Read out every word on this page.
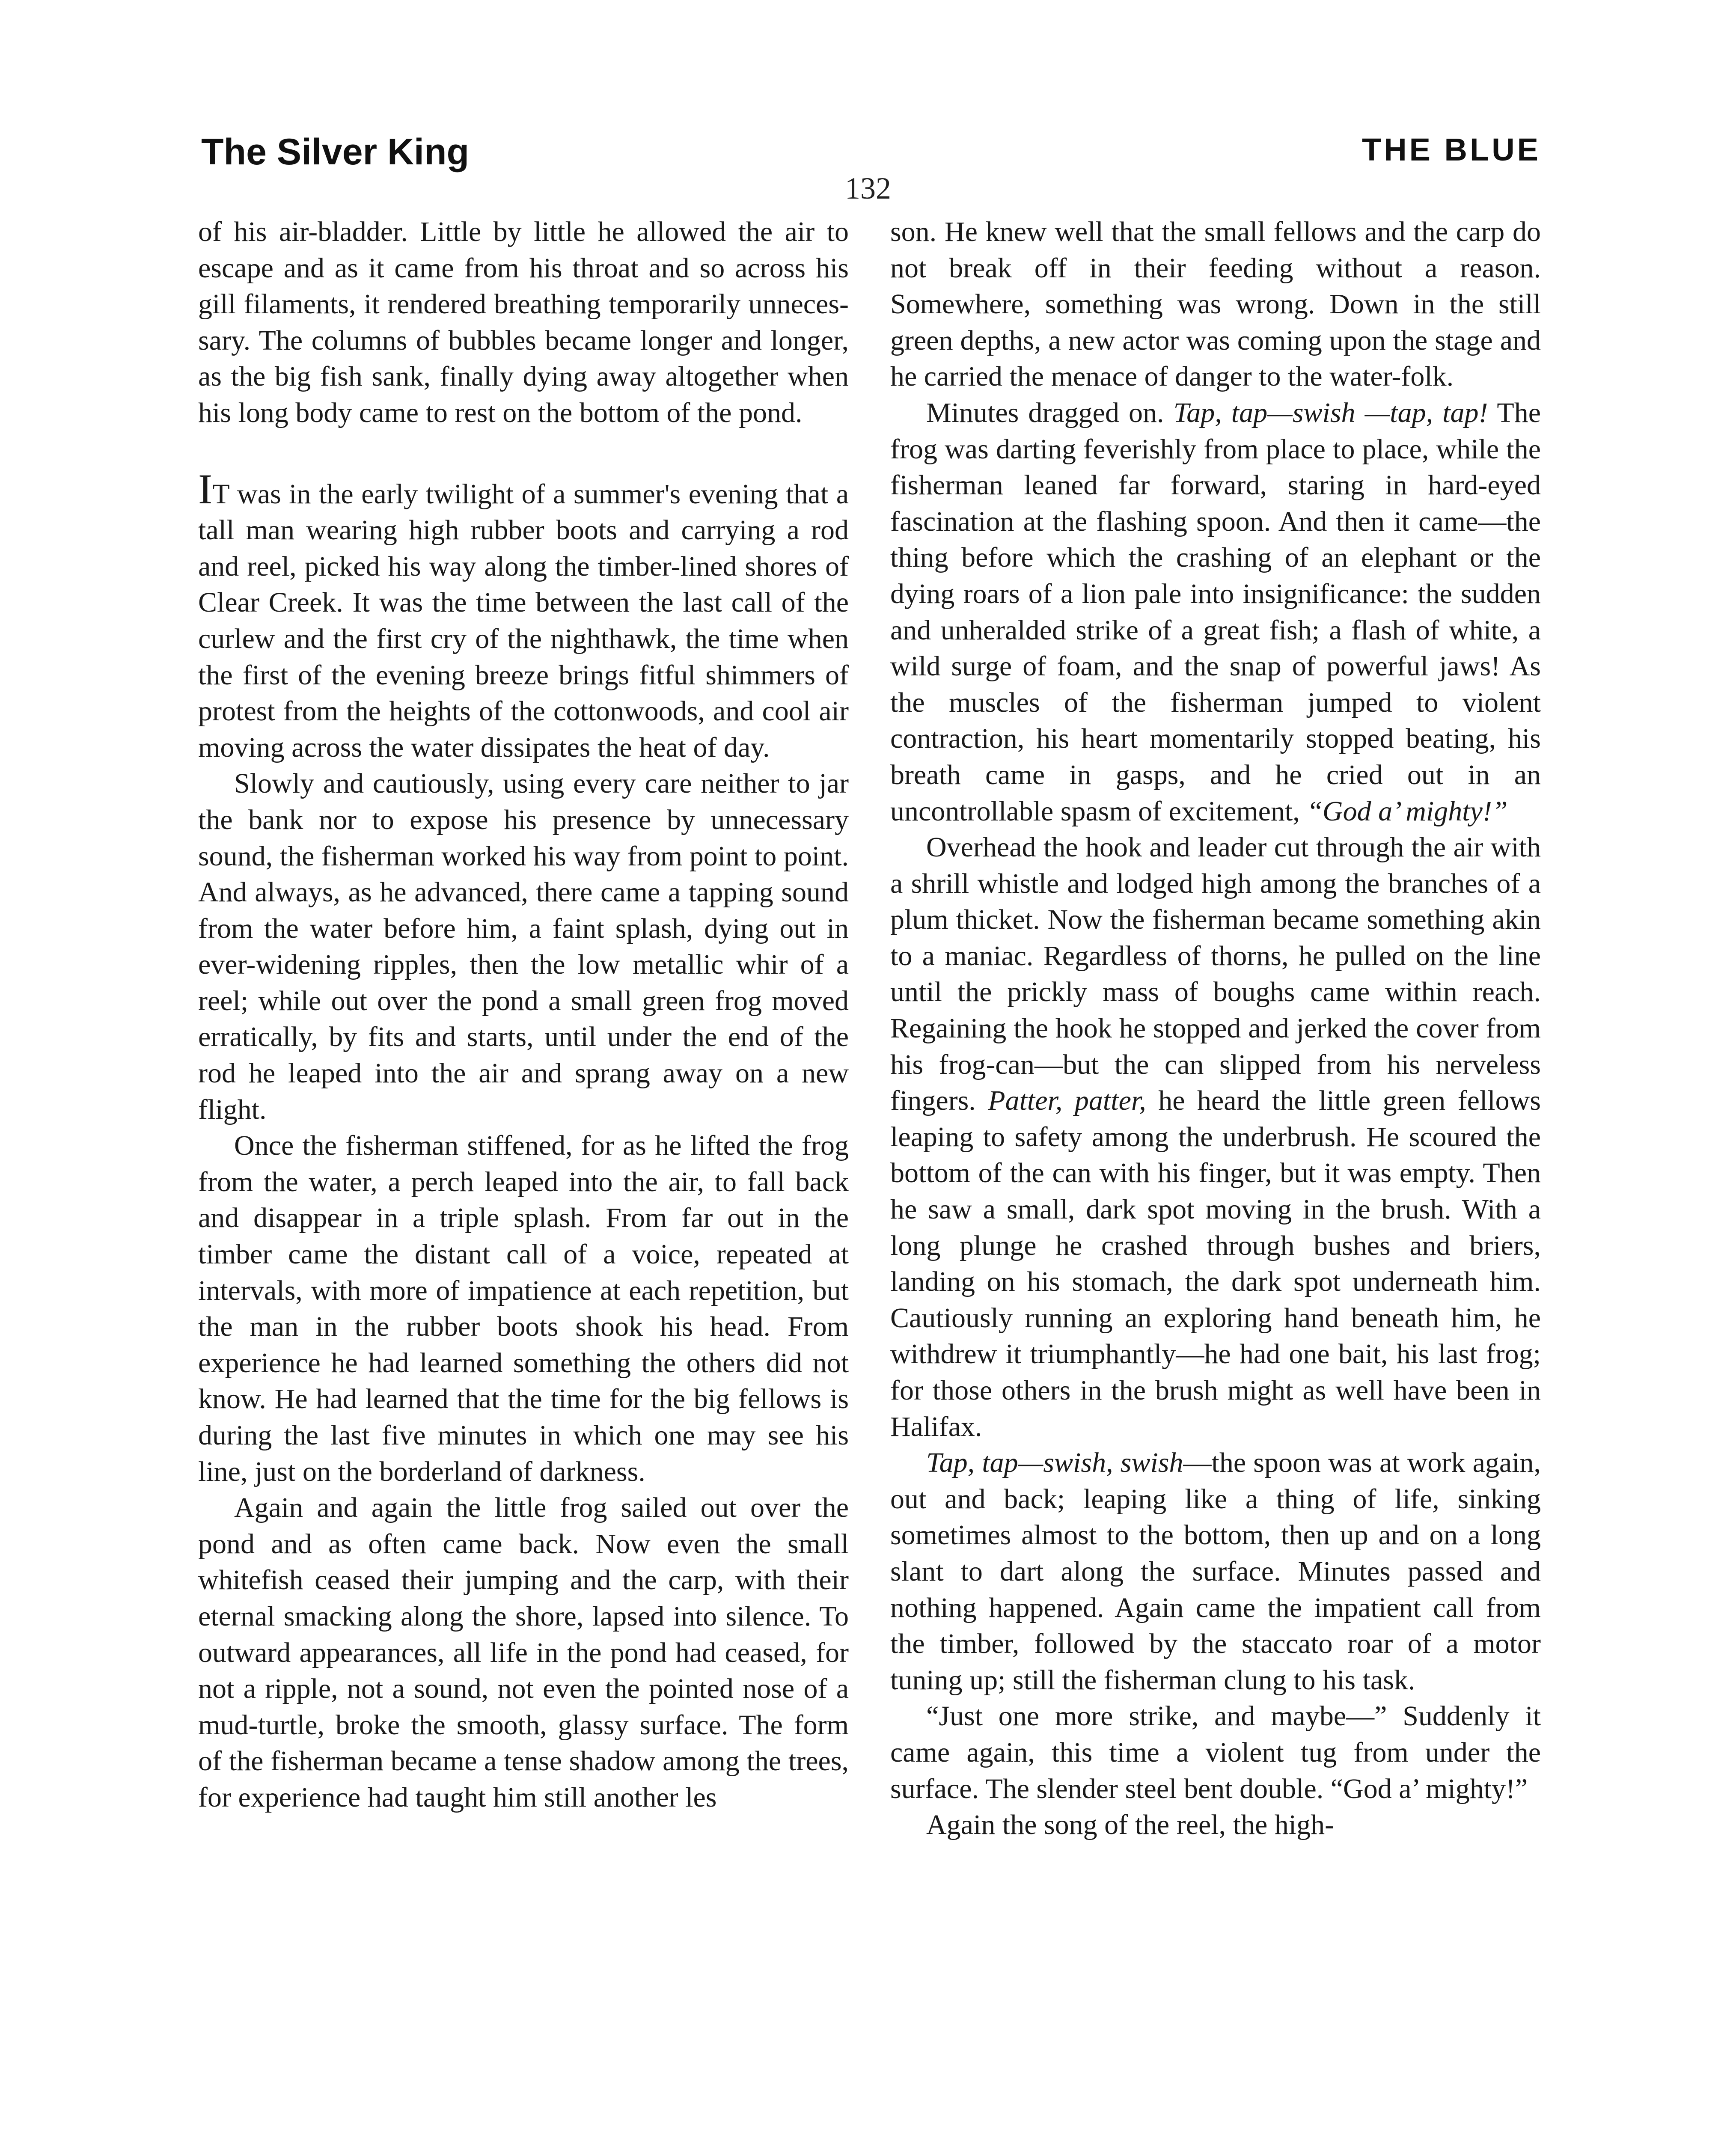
The Silver King	THE BLUE
132

of his air-bladder. Little by little he allowed the air to escape and as it came from his throat and so across his gill filaments, it rendered breathing temporarily unnecessary. The columns of bubbles became longer and longer, as the big fish sank, finally dying away altogether when his long body came to rest on the bottom of the pond.

IT was in the early twilight of a summer's evening that a tall man wearing high rubber boots and carrying a rod and reel, picked his way along the timber-lined shores of Clear Creek. It was the time between the last call of the curlew and the first cry of the nighthawk, the time when the first of the evening breeze brings fitful shimmers of protest from the heights of the cottonwoods, and cool air moving across the water dissipates the heat of day.

Slowly and cautiously, using every care neither to jar the bank nor to expose his presence by unnecessary sound, the fisherman worked his way from point to point. And always, as he advanced, there came a tapping sound from the water before him, a faint splash, dying out in ever-widening ripples, then the low metallic whir of a reel; while out over the pond a small green frog moved erratically, by fits and starts, until under the end of the rod he leaped into the air and sprang away on a new flight.

Once the fisherman stiffened, for as he lifted the frog from the water, a perch leaped into the air, to fall back and disappear in a triple splash. From far out in the timber came the distant call of a voice, repeated at intervals, with more of impatience at each repetition, but the man in the rubber boots shook his head. From experience he had learned something the others did not know. He had learned that the time for the big fellows is during the last five minutes in which one may see his line, just on the borderland of darkness.

Again and again the little frog sailed out over the pond and as often came back. Now even the small whitefish ceased their jumping and the carp, with their eternal smacking along the shore, lapsed into silence. To outward appearances, all life in the pond had ceased, for not a ripple, not a sound, not even the pointed nose of a mud-turtle, broke the smooth, glassy surface. The form of the fisherman became a tense shadow among the trees, for experience had taught him still another les

son. He knew well that the small fellows and the carp do not break off in their feeding without a reason. Somewhere, something was wrong. Down in the still green depths, a new actor was coming upon the stage and he carried the menace of danger to the water-folk.

Minutes dragged on. Tap, tap—swish —tap, tap! The frog was darting feverishly from place to place, while the fisherman leaned far forward, staring in hard-eyed fascination at the flashing spoon. And then it came—the thing before which the crashing of an elephant or the dying roars of a lion pale into insignificance: the sudden and unheralded strike of a great fish; a flash of white, a wild surge of foam, and the snap of powerful jaws! As the muscles of the fisherman jumped to violent contraction, his heart momentarily stopped beating, his breath came in gasps, and he cried out in an uncontrollable spasm of excitement, “God a’ mighty!”

Overhead the hook and leader cut through the air with a shrill whistle and lodged high among the branches of a plum thicket. Now the fisherman became something akin to a maniac. Regardless of thorns, he pulled on the line until the prickly mass of boughs came within reach. Regaining the hook he stopped and jerked the cover from his frog-can—but the can slipped from his nerveless fingers. Patter, patter, he heard the little green fellows leaping to safety among the underbrush. He scoured the bottom of the can with his finger, but it was empty. Then he saw a small, dark spot moving in the brush. With a long plunge he crashed through bushes and briers, landing on his stomach, the dark spot underneath him. Cautiously running an exploring hand beneath him, he withdrew it triumphantly—he had one bait, his last frog; for those others in the brush might as well have been in Halifax.

Tap, tap—swish, swish—the spoon was at work again, out and back; leaping like a thing of life, sinking sometimes almost to the bottom, then up and on a long slant to dart along the surface. Minutes passed and nothing happened. Again came the impatient call from the timber, followed by the staccato roar of a motor tuning up; still the fisherman clung to his task.

“Just one more strike, and maybe—” Suddenly it came again, this time a violent tug from under the surface. The slender steel bent double. “God a’ mighty!”

Again the song of the reel, the high-
